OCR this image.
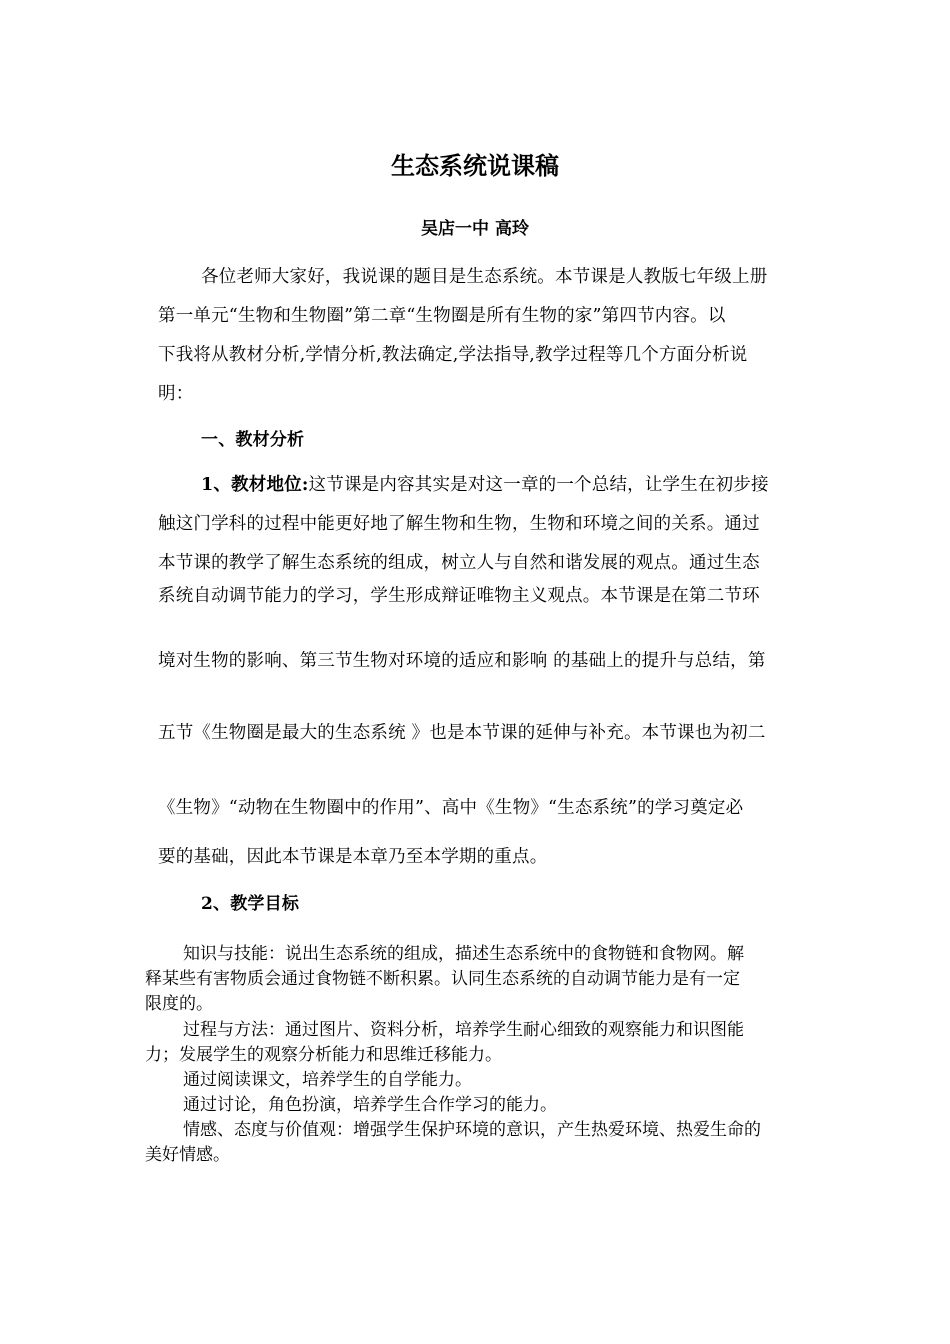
生态系统说课稿
吴店一中 高玲
各位老师大家好，我说课的题目是生态系统。本节课是人教版七年级上册
第一单元“生物和生物圈”第二章“生物圈是所有生物的家”第四节内容。以
下我将从教材分析,学情分析,教法确定,学法指导,教学过程等几个方面分析说
明：
一、教材分析
1、教材地位:这节课是内容其实是对这一章的一个总结，让学生在初步接
触这门学科的过程中能更好地了解生物和生物，生物和环境之间的关系。通过
本节课的教学了解生态系统的组成，树立人与自然和谐发展的观点。通过生态
系统自动调节能力的学习，学生形成辩证唯物主义观点。本节课是在第二节环
境对生物的影响、第三节生物对环境的适应和影响 的基础上的提升与总结，第
五节《生物圈是最大的生态系统 》也是本节课的延伸与补充。本节课也为初二
《生物》“动物在生物圈中的作用”、高中《生物》“生态系统”的学习奠定必
要的基础，因此本节课是本章乃至本学期的重点。
2、教学目标
知识与技能：说出生态系统的组成，描述生态系统中的食物链和食物网。解
释某些有害物质会通过食物链不断积累。认同生态系统的自动调节能力是有一定
限度的。
过程与方法：通过图片、资料分析，培养学生耐心细致的观察能力和识图能
力；发展学生的观察分析能力和思维迁移能力。
通过阅读课文，培养学生的自学能力。
通过讨论，角色扮演，培养学生合作学习的能力。
情感、态度与价值观：增强学生保护环境的意识，产生热爱环境、热爱生命的
美好情感。
